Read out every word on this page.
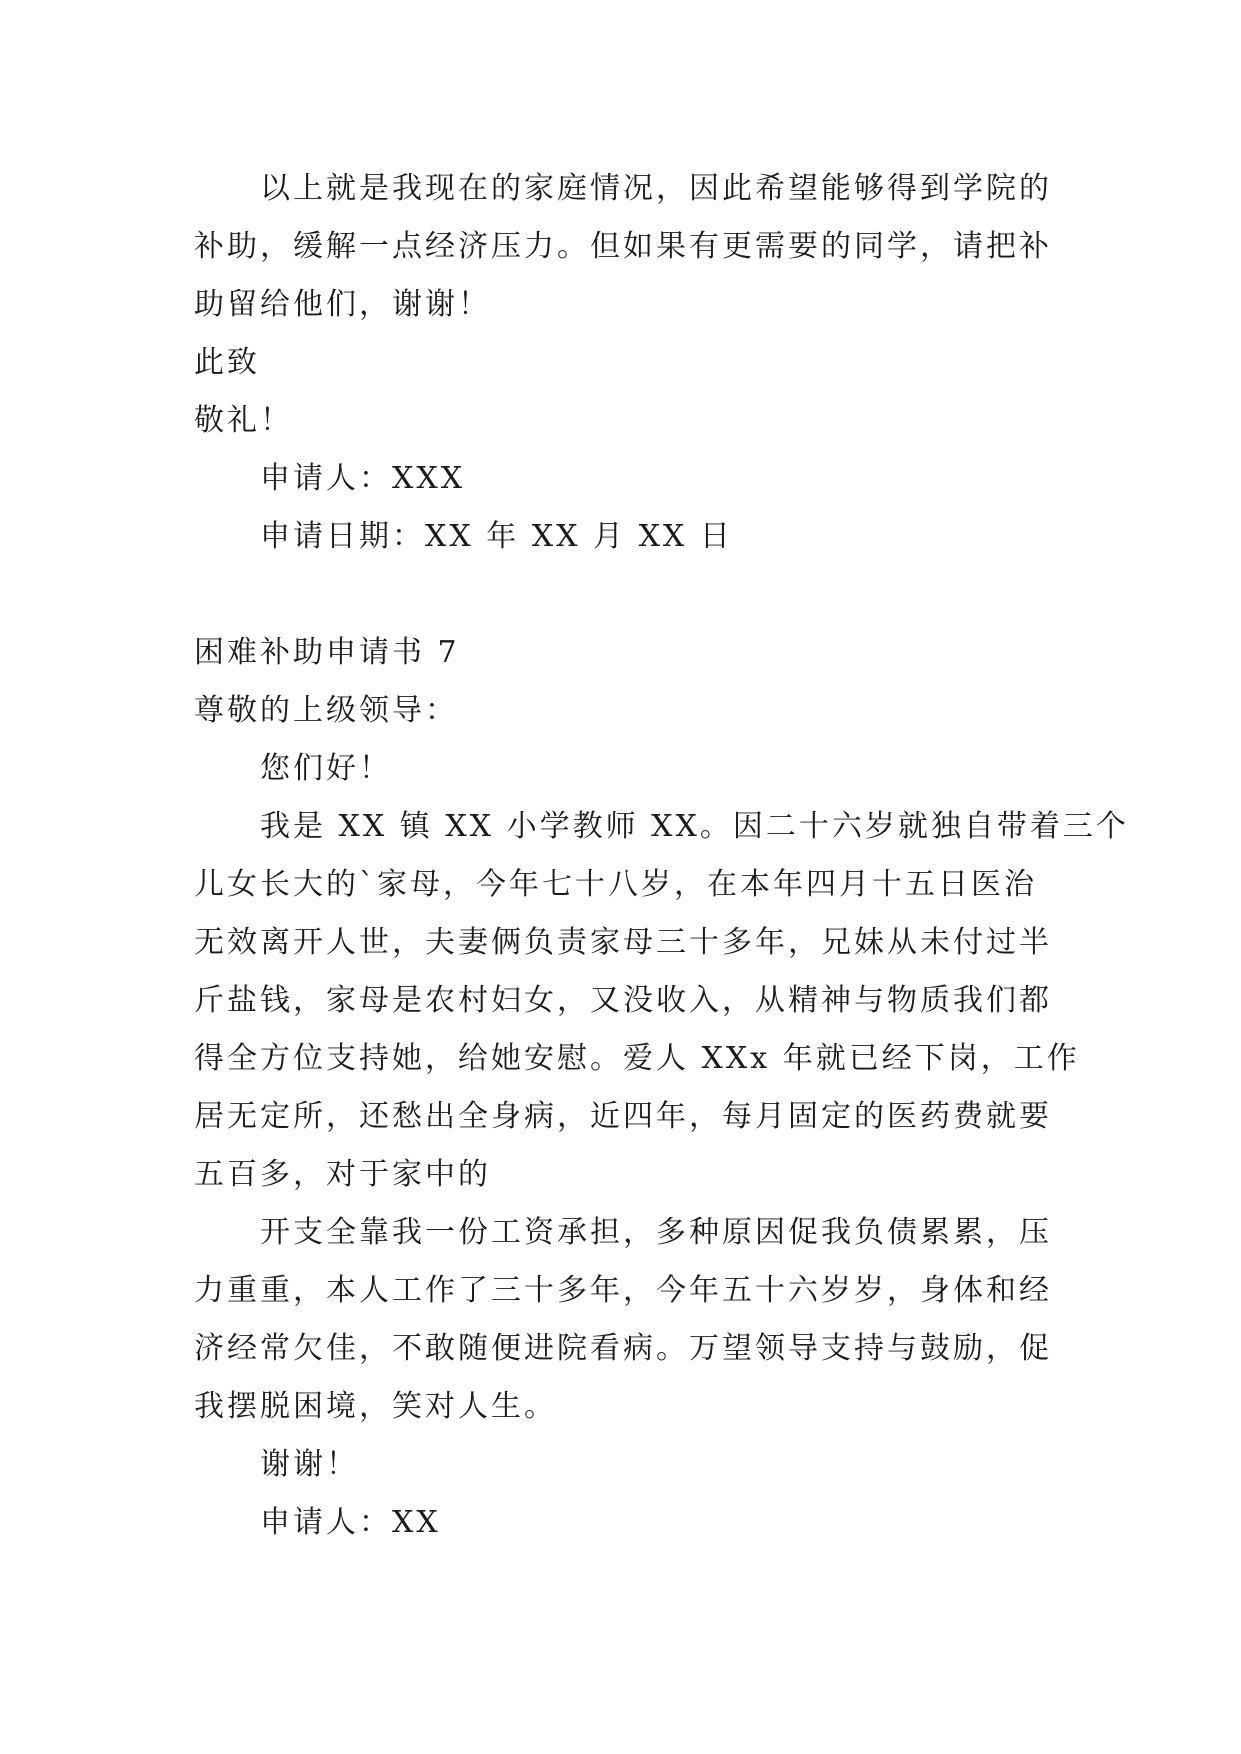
以上就是我现在的家庭情况，因此希望能够得到学院的
补助，缓解一点经济压力。但如果有更需要的同学，请把补
助留给他们，谢谢！
此致
敬礼！
申请人：XXX
申请日期：XX 年 XX 月 XX 日
困难补助申请书 7
尊敬的上级领导：
您们好！
我是 XX 镇 XX 小学教师 XX。因二十六岁就独自带着三个
儿女长大的`家母，今年七十八岁，在本年四月十五日医治
无效离开人世，夫妻俩负责家母三十多年，兄妹从未付过半
斤盐钱，家母是农村妇女，又没收入，从精神与物质我们都
得全方位支持她，给她安慰。爱人 XXx 年就已经下岗，工作
居无定所，还愁出全身病，近四年，每月固定的医药费就要
五百多，对于家中的
开支全靠我一份工资承担，多种原因促我负债累累，压
力重重，本人工作了三十多年，今年五十六岁岁，身体和经
济经常欠佳，不敢随便进院看病。万望领导支持与鼓励，促
我摆脱困境，笑对人生。
谢谢！
申请人：XX
